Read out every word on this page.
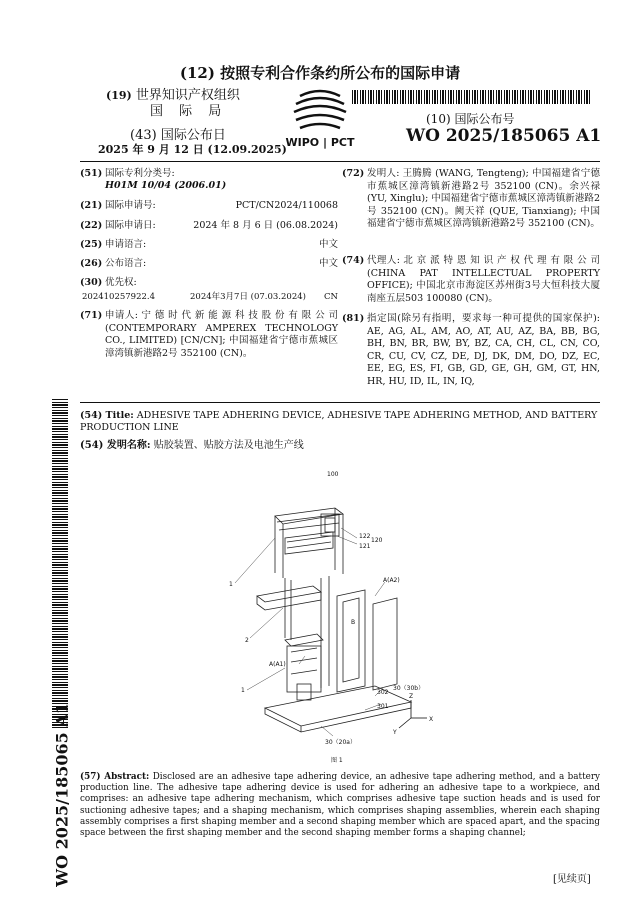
(12) 按照专利合作条约所公布的国际申请
(19) 世界知识产权组织
国 际 局
(43) 国际公布日
2025 年 9 月 12 日 (12.09.2025)
WIPO | PCT
(10) 国际公布号
WO 2025/185065 A1
(51) 国际专利分类号:
H01M 10/04 (2006.01)
(21) 国际申请号:	PCT/CN2024/110068
(22) 国际申请日:	2024 年 8 月 6 日 (06.08.2024)
(25) 申请语言:	中文
(26) 公布语言:	中文
(30) 优先权:
202410257922.4	2024年3月7日 (07.03.2024) CN
(71) 申请人: 宁 德 时 代 新 能 源 科 技 股 份 有 限 公 司 (CONTEMPORARY AMPEREX TECHNOLOGY CO., LIMITED) [CN/CN]; 中国福建省宁德市蕉城区漳湾镇新港路2号 352100 (CN)。
(72) 发明人: 王腾腾 (WANG, Tengteng); 中国福建省宁德市蕉城区漳湾镇新港路2号 352100 (CN)。余兴禄 (YU, Xinglu); 中国福建省宁德市蕉城区漳湾镇新港路2号 352100 (CN)。阙天祥 (QUE, Tianxiang); 中国福建省宁德市蕉城区漳湾镇新港路2号 352100 (CN)。
(74) 代理人: 北 京 派 特 恩 知 识 产 权 代 理 有 限 公 司 (CHINA PAT INTELLECTUAL PROPERTY OFFICE); 中国北京市海淀区苏州街3号大恒科技大厦南座五层503 100080 (CN)。
(81) 指定国(除另有指明，要求每一种可提供的国家保护): AE, AG, AL, AM, AO, AT, AU, AZ, BA, BB, BG, BH, BN, BR, BW, BY, BZ, CA, CH, CL, CN, CO, CR, CU, CV, CZ, DE, DJ, DK, DM, DO, DZ, EC, EE, EG, ES, FI, GB, GD, GE, GH, GM, GT, HN, HR, HU, ID, IL, IN, IQ,
(54) Title: ADHESIVE TAPE ADHERING DEVICE, ADHESIVE TAPE ADHERING METHOD, AND BATTERY PRODUCTION LINE
(54) 发明名称: 贴胶装置、贴胶方法及电池生产线
WO 2025/185065 A1
100
122
120
121
1
A(A2)
2
B
A(A1)
1	302
30（30b）
301
30（20a）
Z
X
Y
图 1
(57) Abstract: Disclosed are an adhesive tape adhering device, an adhesive tape adhering method, and a battery production line. The adhesive tape adhering device is used for adhering an adhesive tape to a workpiece, and comprises: an adhesive tape adhering mechanism, which comprises adhesive tape suction heads and is used for suctioning adhesive tapes; and a shaping mechanism, which comprises shaping assemblies, wherein each shaping assembly comprises a first shaping member and a second shaping member which are spaced apart, and the spacing space between the first shaping member and the second shaping member forms a shaping channel;
[见续页]
